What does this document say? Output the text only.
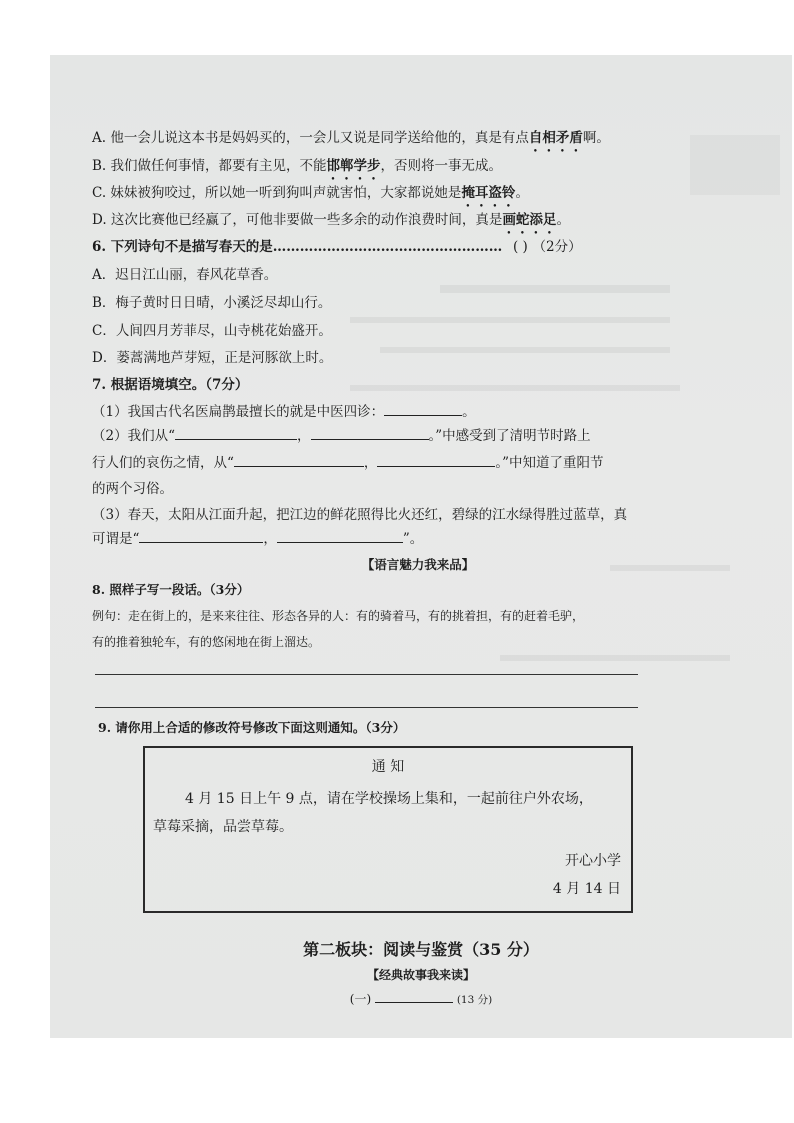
A. 他一会儿说这本书是妈妈买的，一会儿又说是同学送给他的，真是有点自相矛盾啊。
B. 我们做任何事情，都要有主见，不能邯郸学步，否则将一事无成。
C. 妹妹被狗咬过，所以她一听到狗叫声就害怕，大家都说她是掩耳盗铃。
D. 这次比赛他已经赢了，可他非要做一些多余的动作浪费时间，真是画蛇添足。
6. 下列诗句不是描写春天的是…………………………………………… ( ) （2分）
A．迟日江山丽，春风花草香。
B．梅子黄时日日晴，小溪泛尽却山行。
C．人间四月芳菲尽，山寺桃花始盛开。
D．蒌蒿满地芦芽短，正是河豚欲上时。
7. 根据语境填空。（7分）
（1）我国古代名医扁鹊最擅长的就是中医四诊：	。
（2）我们从“	，	。”中感受到了清明节时路上
行人们的哀伤之情，从“	，	。”中知道了重阳节
的两个习俗。
（3）春天，太阳从江面升起，把江边的鲜花照得比火还红，碧绿的江水绿得胜过蓝草，真
可谓是“	，	”。
【语言魅力我来品】
8. 照样子写一段话。（3分）
例句：走在街上的，是来来往往、形态各异的人：有的骑着马，有的挑着担，有的赶着毛驴，
有的推着独轮车，有的悠闲地在街上溜达。
9. 请你用上合适的修改符号修改下面这则通知。（3分）
通 知
4 月 15 日上午 9 点，请在学校操场上集和，一起前往户外农场，
草莓采摘，品尝草莓。
开心小学
4 月 14 日
第二板块：阅读与鉴赏（35 分）
【经典故事我来读】
(一)	(13 分)
